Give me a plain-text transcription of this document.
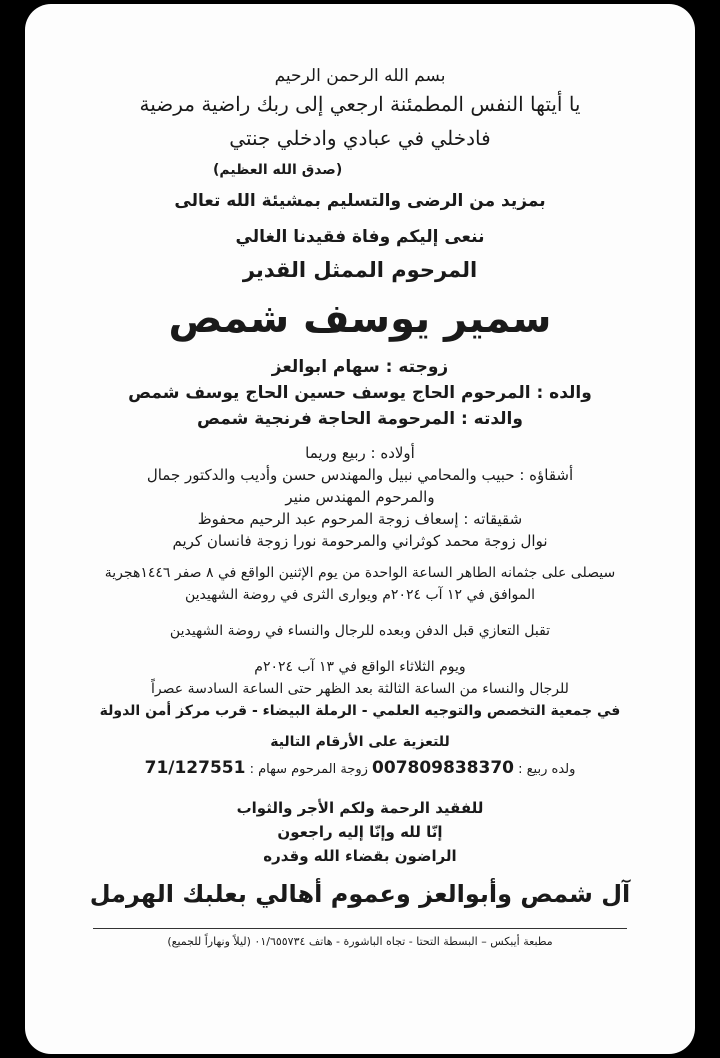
بسم الله الرحمن الرحيم
يا أيتها النفس المطمئنة ارجعي إلى ربك راضية مرضية
فادخلي في عبادي وادخلي جنتي
(صدق الله العظيم)
بمزيد من الرضى والتسليم بمشيئة الله تعالى
ننعى إليكم وفاة فقيدنا الغالي
المرحوم الممثل القدير
سمير يوسف شمص
زوجته : سهام ابوالعز
والده : المرحوم الحاج يوسف حسين الحاج يوسف شمص
والدته : المرحومة الحاجة فرنجية شمص
أولاده : ربيع وريما
أشقاؤه : حبيب والمحامي نبيل والمهندس حسن وأديب والدكتور جمال
والمرحوم المهندس منير
شقيقاته : إسعاف زوجة المرحوم عبد الرحيم محفوظ
نوال زوجة محمد كوثراني والمرحومة نورا زوجة فانسان كريم
سيصلى على جثمانه الطاهر الساعة الواحدة من يوم الإثنين الواقع في ٨ صفر ١٤٤٦هجرية
الموافق في ١٢ آب ٢٠٢٤م ويوارى الثرى في روضة الشهيدين
تقبل التعازي قبل الدفن وبعده للرجال والنساء في روضة الشهيدين
ويوم الثلاثاء الواقع في ١٣ آب ٢٠٢٤م
للرجال والنساء من الساعة الثالثة بعد الظهر حتى الساعة السادسة عصراً
في جمعية التخصص والتوجيه العلمي - الرملة البيضاء - قرب مركز أمن الدولة
للتعزية على الأرقام التالية
ولده ربيع : 007809838370 زوجة المرحوم سهام : 71/127551
للفقيد الرحمة ولكم الأجر والثواب
إنّا لله وإنّا إليه راجعون
الراضون بقضاء الله وقدره
آل شمص وأبوالعز وعموم أهالي بعلبك الهرمل
مطبعة أيبكس – البسطة التحتا - تجاه الباشورة - هاتف ٠١/٦٥٥٧٣٤ (ليلاً ونهاراً للجميع)
